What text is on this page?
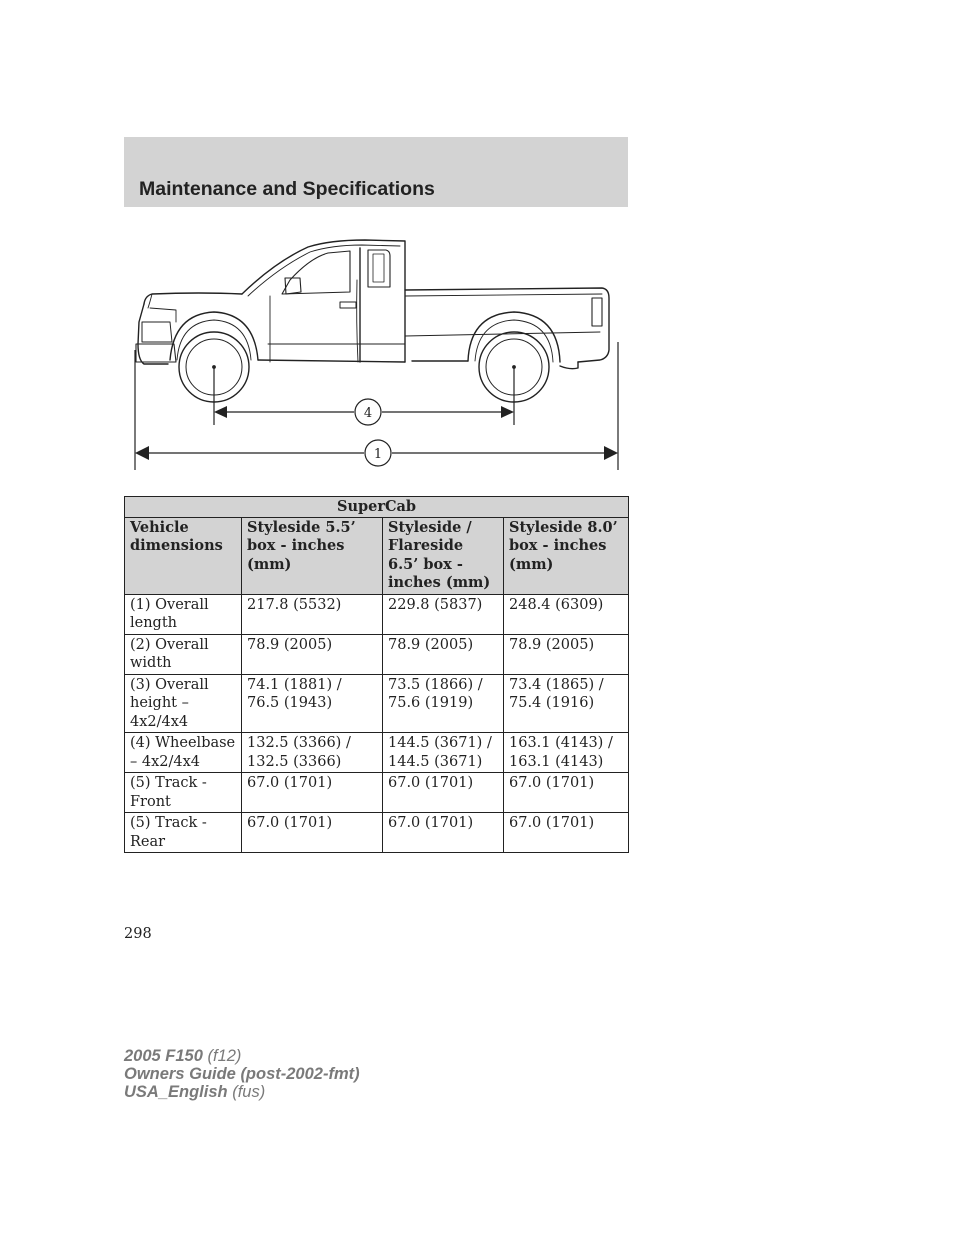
Maintenance and Specifications
4
1
SuperCab			
Vehicle dimensions	Styleside 5.5’ box - inches (mm)	Styleside / Flareside 6.5’ box - inches (mm)	Styleside 8.0’ box - inches (mm)
(1) Overall length	217.8 (5532)	229.8 (5837)	248.4 (6309)
(2) Overall width	78.9 (2005)	78.9 (2005)	78.9 (2005)
(3) Overall height – 4x2/4x4	74.1 (1881) / 76.5 (1943)	73.5 (1866) / 75.6 (1919)	73.4 (1865) / 75.4 (1916)
(4) Wheelbase – 4x2/4x4	132.5 (3366) / 132.5 (3366)	144.5 (3671) / 144.5 (3671)	163.1 (4143) / 163.1 (4143)
(5) Track - Front	67.0 (1701)	67.0 (1701)	67.0 (1701)
(5) Track - Rear	67.0 (1701)	67.0 (1701)	67.0 (1701)
298
2005 F150 (f12)
Owners Guide (post-2002-fmt)
USA_English (fus)
